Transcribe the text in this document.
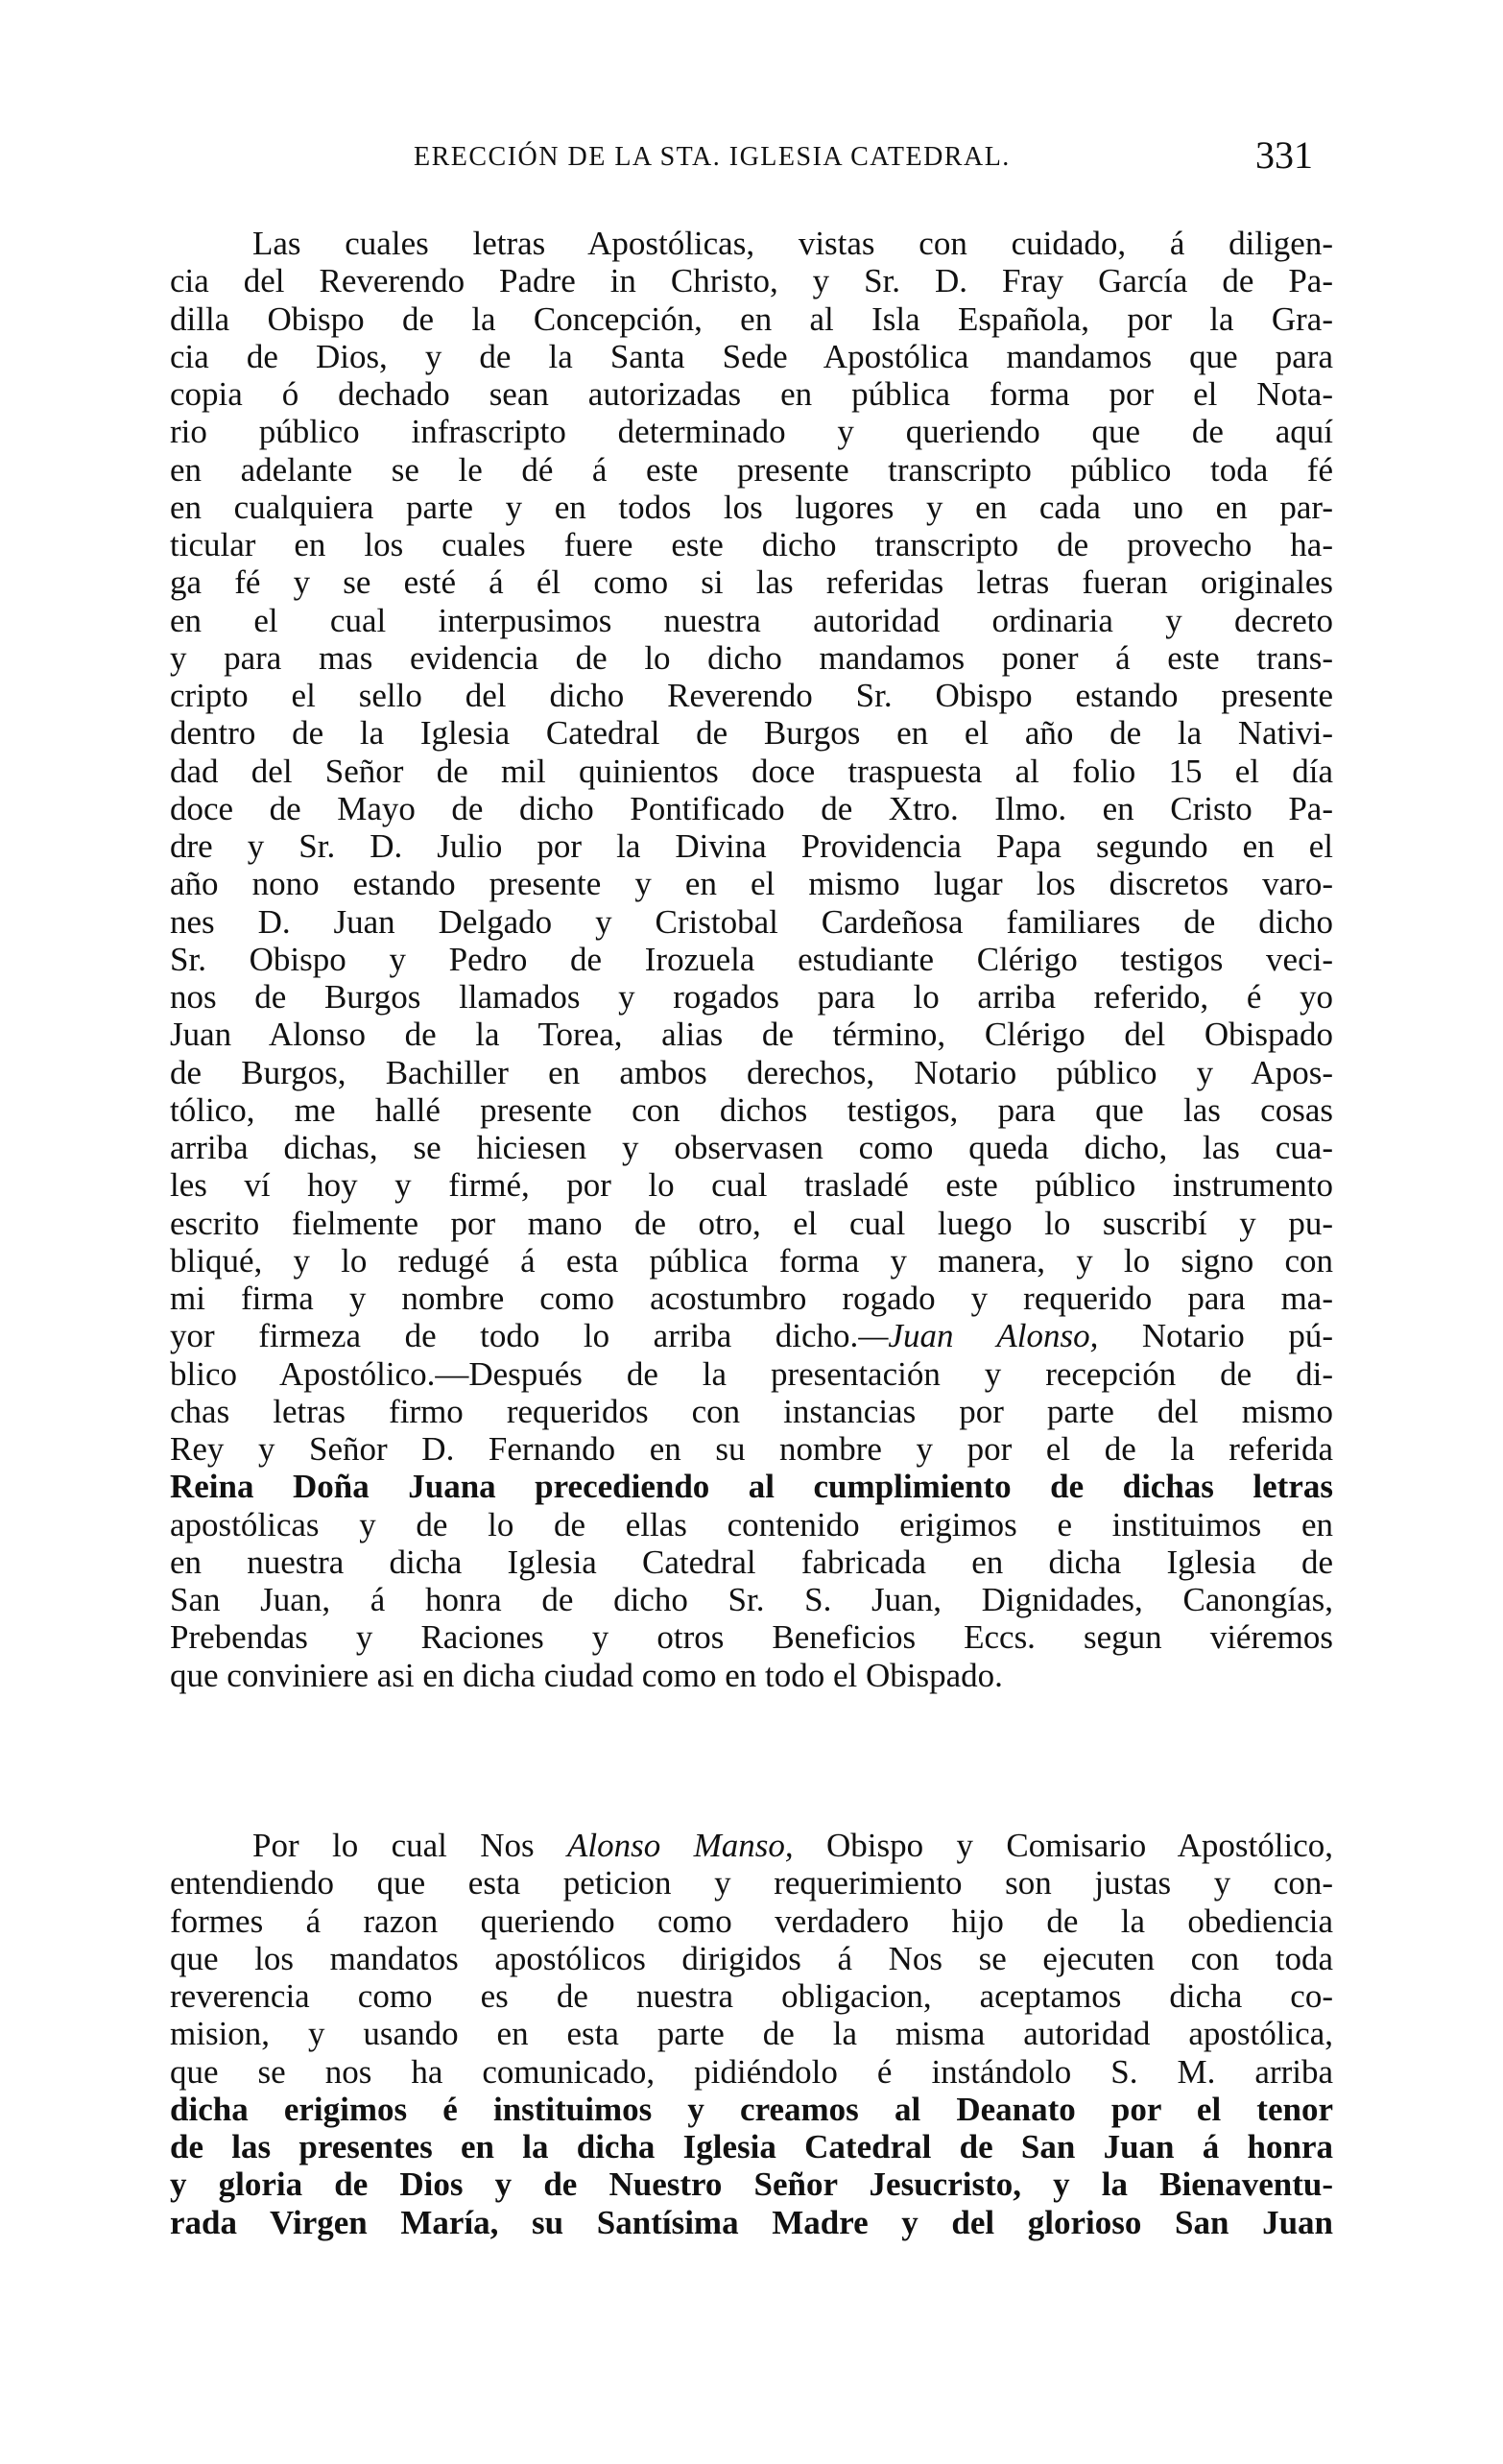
ERECCIÓN DE LA STA. IGLESIA CATEDRAL.	331
Las cuales letras Apostólicas, vistas con cuidado, á diligen-
cia del Reverendo Padre in Christo, y Sr. D. Fray García de Pa-
dilla Obispo de la Concepción, en al Isla Española, por la Gra-
cia de Dios, y de la Santa Sede Apostólica mandamos que para
copia ó dechado sean autorizadas en pública forma por el Nota-
rio público infrascripto determinado y queriendo que de aquí
en adelante se le dé á este presente transcripto público toda fé
en cualquiera parte y en todos los lugores y en cada uno en par-
ticular en los cuales fuere este dicho transcripto de provecho ha-
ga fé y se esté á él como si las referidas letras fueran originales
en el cual interpusimos nuestra autoridad ordinaria y decreto
y para mas evidencia de lo dicho mandamos poner á este trans-
cripto el sello del dicho Reverendo Sr. Obispo estando presente
dentro de la Iglesia Catedral de Burgos en el año de la Nativi-
dad del Señor de mil quinientos doce traspuesta al folio 15 el día
doce de Mayo de dicho Pontificado de Xtro. Ilmo. en Cristo Pa-
dre y Sr. D. Julio por la Divina Providencia Papa segundo en el
año nono estando presente y en el mismo lugar los discretos varo-
nes D. Juan Delgado y Cristobal Cardeñosa familiares de dicho
Sr. Obispo y Pedro de Irozuela estudiante Clérigo testigos veci-
nos de Burgos llamados y rogados para lo arriba referido, é yo
Juan Alonso de la Torea, alias de término, Clérigo del Obispado
de Burgos, Bachiller en ambos derechos, Notario público y Apos-
tólico, me hallé presente con dichos testigos, para que las cosas
arriba dichas, se hiciesen y observasen como queda dicho, las cua-
les ví hoy y firmé, por lo cual trasladé este público instrumento
escrito fielmente por mano de otro, el cual luego lo suscribí y pu-
bliqué, y lo redugé á esta pública forma y manera, y lo signo con
mi firma y nombre como acostumbro rogado y requerido para ma-
yor firmeza de todo lo arriba dicho.—Juan Alonso, Notario pú-
blico Apostólico.—Después de la presentación y recepción de di-
chas letras firmo requeridos con instancias por parte del mismo
Rey y Señor D. Fernando en su nombre y por el de la referida
Reina Doña Juana precediendo al cumplimiento de dichas letras
apostólicas y de lo de ellas contenido erigimos e instituimos en
en nuestra dicha Iglesia Catedral fabricada en dicha Iglesia de
San Juan, á honra de dicho Sr. S. Juan, Dignidades, Canongías,
Prebendas y Raciones y otros Beneficios Eccs. segun viéremos
que conviniere asi en dicha ciudad como en todo el Obispado.
Por lo cual Nos Alonso Manso, Obispo y Comisario Apostólico,
entendiendo que esta peticion y requerimiento son justas y con-
formes á razon queriendo como verdadero hijo de la obediencia
que los mandatos apostólicos dirigidos á Nos se ejecuten con toda
reverencia como es de nuestra obligacion, aceptamos dicha co-
mision, y usando en esta parte de la misma autoridad apostólica,
que se nos ha comunicado, pidiéndolo é instándolo S. M. arriba
dicha erigimos é instituimos y creamos al Deanato por el tenor
de las presentes en la dicha Iglesia Catedral de San Juan á honra
y gloria de Dios y de Nuestro Señor Jesucristo, y la Bienaventu-
rada Virgen María, su Santísima Madre y del glorioso San Juan
